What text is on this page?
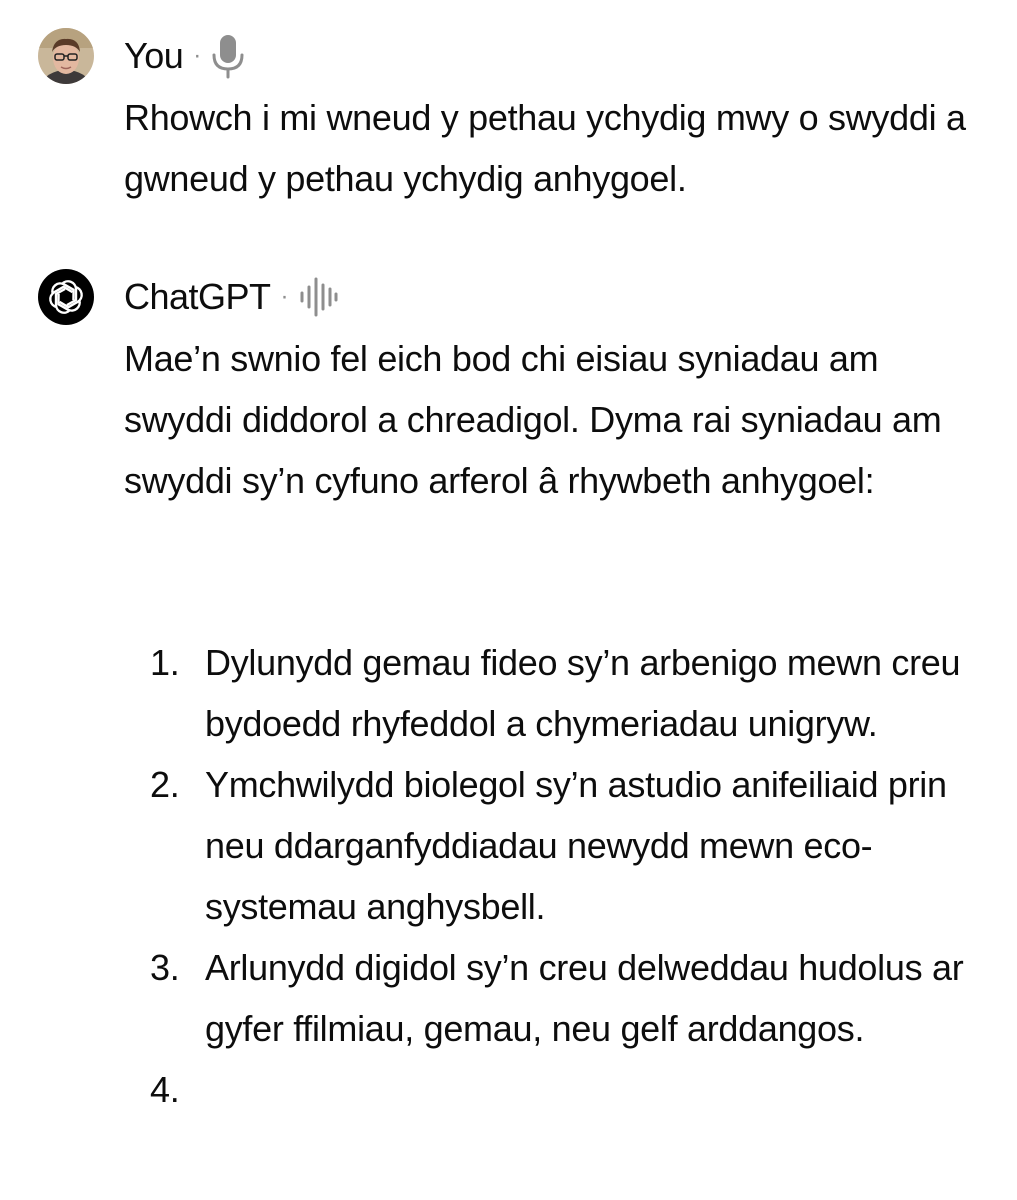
You ·
Rhowch i mi wneud y pethau ychydig mwy o swyddi a gwneud y pethau ychydig anhygoel.
ChatGPT ·
Mae’n swnio fel eich bod chi eisiau syniadau am swyddi diddorol a chreadigol. Dyma rai syniadau am swyddi sy’n cyfuno arferol â rhywbeth anhygoel:
1. Dylunydd gemau fideo sy’n arbenigo mewn creu bydoedd rhyfeddol a chymeriadau unigryw.
2. Ymchwilydd biolegol sy’n astudio anifeiliaid prin neu ddarganfyddiadau newydd mewn eco-systemau anghysbell.
3. Arlunydd digidol sy’n creu delweddau hudolus ar gyfer ffilmiau, gemau, neu gelf arddangos.
4.
